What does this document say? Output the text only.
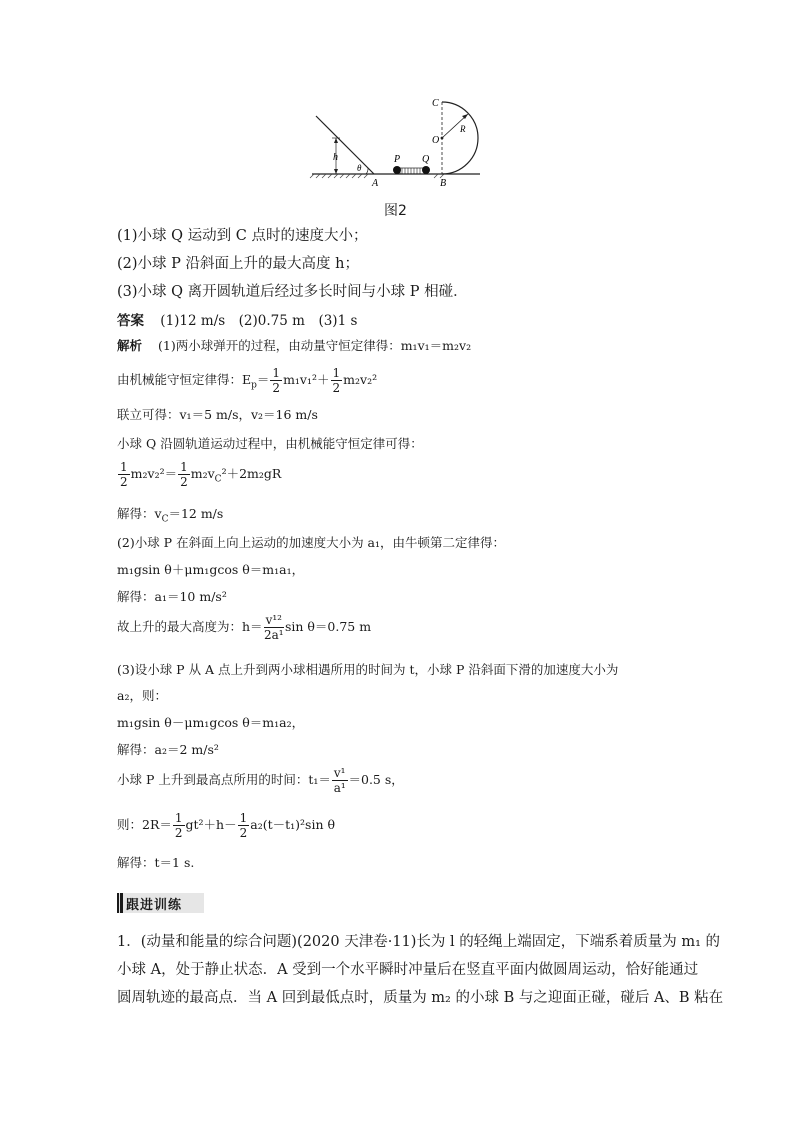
h
θ
A
P Q
R
O
C
B
图2
(1)小球 Q 运动到 C 点时的速度大小；
(2)小球 P 沿斜面上升的最大高度 h；
(3)小球 Q 离开圆轨道后经过多长时间与小球 P 相碰．
答案 (1)12 m/s　(2)0.75 m　(3)1 s
解析 (1)两小球弹开的过程，由动量守恒定律得：m₁v₁＝m₂v₂
由机械能守恒定律得：$E_p= \frac{1}{2} m_1v_1^2+ \frac{1}{2} m_2v_2^2$
联立可得：v₁＝5 m/s，v₂＝16 m/s
小球 Q 沿圆轨道运动过程中，由机械能守恒定律可得：
$\frac{1}{2} m_2v_2^2= \frac{1}{2} m_2v_C^2+2m_2gR$
解得：$v_C=12$ m/s
(2)小球 P 在斜面上向上运动的加速度大小为 a₁，由牛顿第二定律得：
m₁gsin θ＋μm₁gcos θ＝m₁a₁，
解得：a₁＝10 m/s²
故上升的最大高度为：$h= \frac{\text{v¹²}}{\text{2a¹}}$ sin θ＝0.75 m
(3)设小球 P 从 A 点上升到两小球相遇所用的时间为 t，小球 P 沿斜面下滑的加速度大小为
a₂，则：
m₁gsin θ－μm₁gcos θ＝m₁a₂，
解得：a₂＝2 m/s²
小球 P 上升到最高点所用的时间：$t_1= \frac{\text{v¹}}{\text{a¹}} =0.5$ s，
则：$2R= \frac{1}{2} gt^2+h- \frac{1}{2} a_2(t-t_1)^2\sin$ θ
解得：t＝1 s.
跟进训练
1．(动量和能量的综合问题)(2020 天津卷·11)长为 l 的轻绳上端固定，下端系着质量为 m₁ 的
小球 A，处于静止状态．A 受到一个水平瞬时冲量后在竖直平面内做圆周运动，恰好能通过
圆周轨迹的最高点．当 A 回到最低点时，质量为 m₂ 的小球 B 与之迎面正碰，碰后 A、B 粘在
